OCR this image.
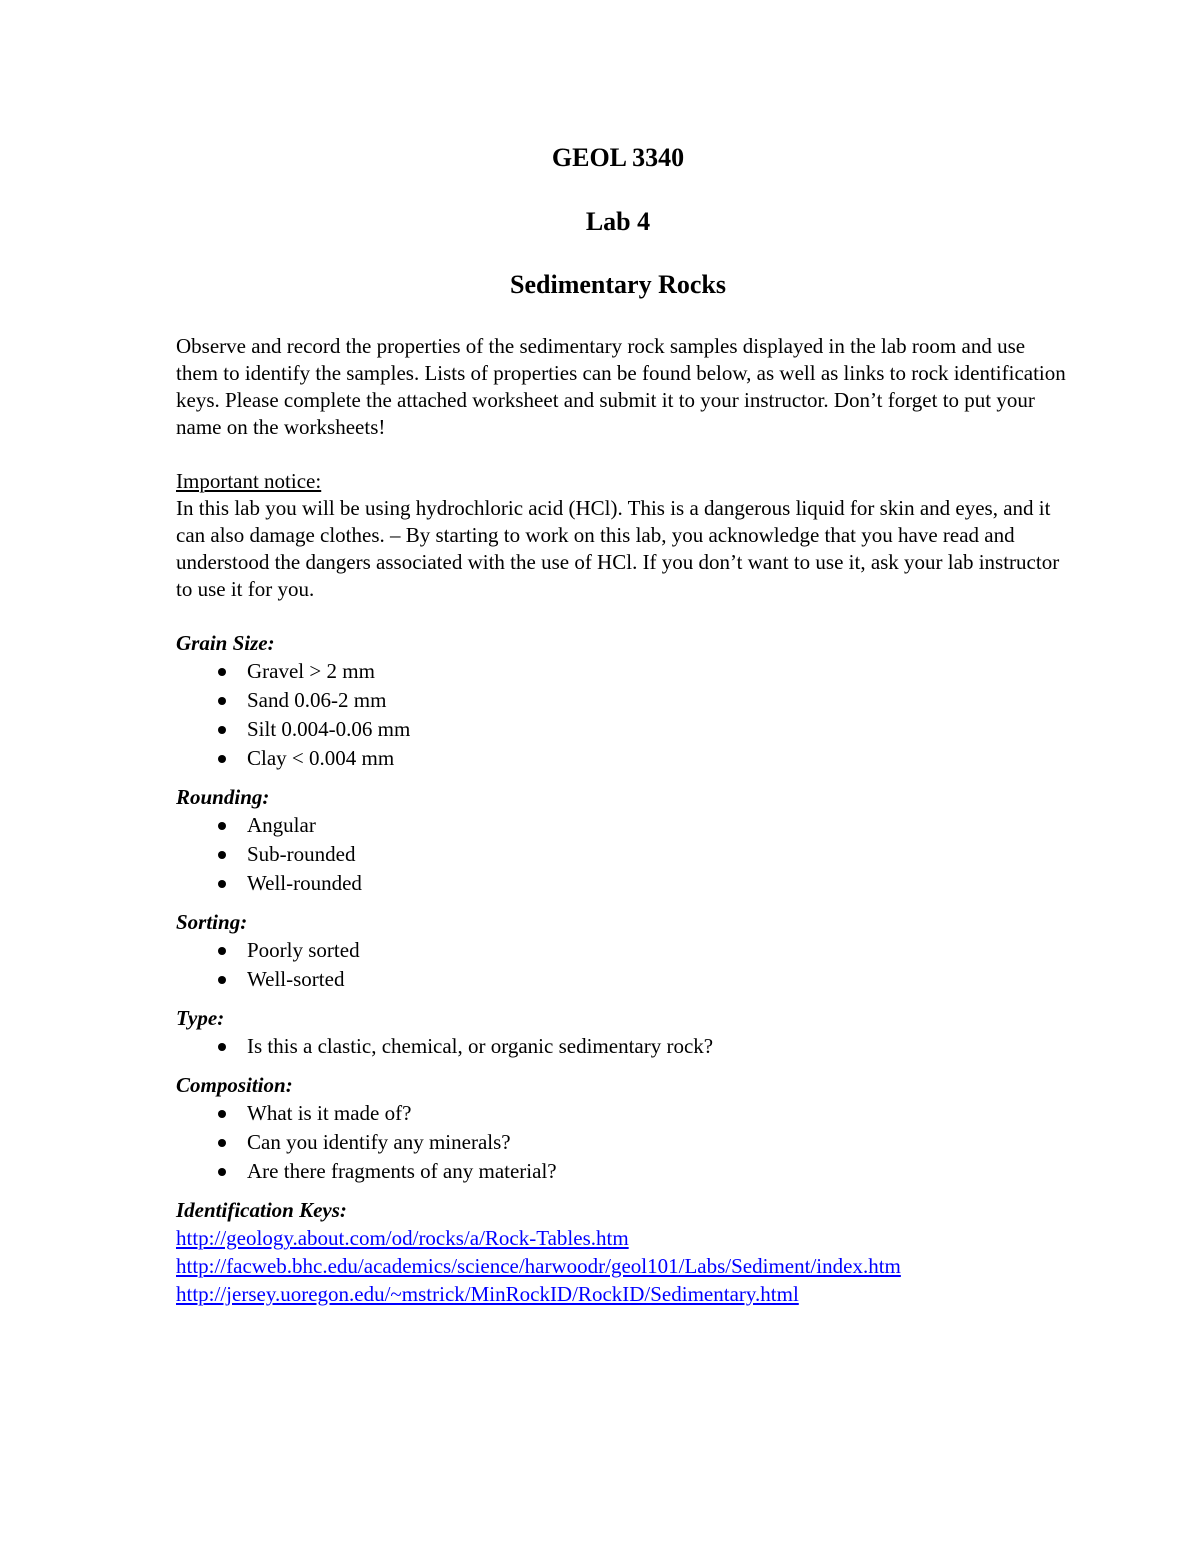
GEOL 3340
Lab 4
Sedimentary Rocks

Observe and record the properties of the sedimentary rock samples displayed in the lab room and use them to identify the samples. Lists of properties can be found below, as well as links to rock identification keys. Please complete the attached worksheet and submit it to your instructor. Don’t forget to put your name on the worksheets!

Important notice:

In this lab you will be using hydrochloric acid (HCl). This is a dangerous liquid for skin and eyes, and it can also damage clothes. – By starting to work on this lab, you acknowledge that you have read and understood the dangers associated with the use of HCl. If you don’t want to use it, ask your lab instructor to use it for you.

Grain Size:

Gravel > 2 mm
Sand 0.06-2 mm
Silt 0.004-0.06 mm
Clay < 0.004 mm

Rounding:

Angular
Sub-rounded
Well-rounded

Sorting:

Poorly sorted
Well-sorted

Type:

Is this a clastic, chemical, or organic sedimentary rock?

Composition:

What is it made of?
Can you identify any minerals?
Are there fragments of any material?

Identification Keys:

http://geology.about.com/od/rocks/a/Rock-Tables.htm
http://facweb.bhc.edu/academics/science/harwoodr/geol101/Labs/Sediment/index.htm
http://jersey.uoregon.edu/~mstrick/MinRockID/RockID/Sedimentary.html
